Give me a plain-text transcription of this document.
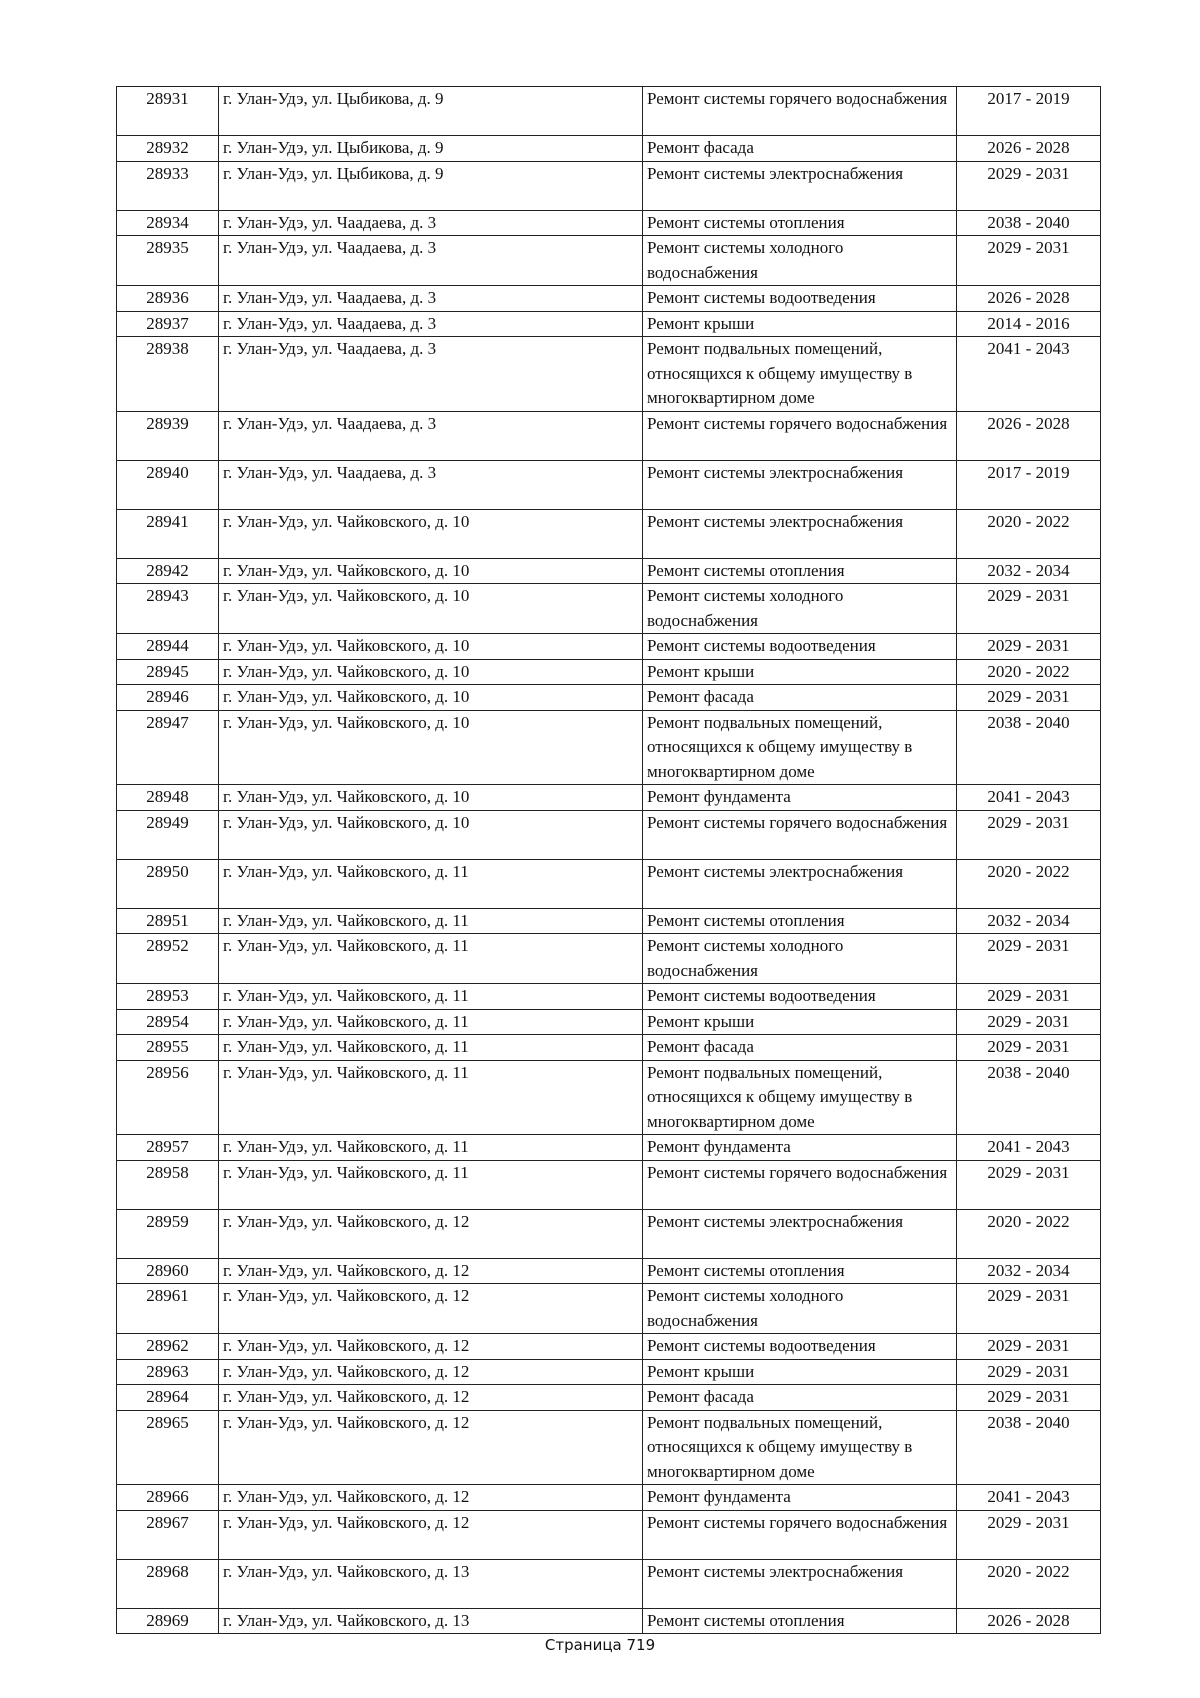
28931	г. Улан-Удэ, ул. Цыбикова, д. 9	Ремонт системы горячего водоснабжения	2017 - 2019
28932	г. Улан-Удэ, ул. Цыбикова, д. 9	Ремонт фасада	2026 - 2028
28933	г. Улан-Удэ, ул. Цыбикова, д. 9	Ремонт системы электроснабжения	2029 - 2031
28934	г. Улан-Удэ, ул. Чаадаева, д. 3	Ремонт системы отопления	2038 - 2040
28935	г. Улан-Удэ, ул. Чаадаева, д. 3	Ремонт системы холодного водоснабжения	2029 - 2031
28936	г. Улан-Удэ, ул. Чаадаева, д. 3	Ремонт системы водоотведения	2026 - 2028
28937	г. Улан-Удэ, ул. Чаадаева, д. 3	Ремонт крыши	2014 - 2016
28938	г. Улан-Удэ, ул. Чаадаева, д. 3	Ремонт подвальных помещений, относящихся к общему имуществу в многоквартирном доме	2041 - 2043
28939	г. Улан-Удэ, ул. Чаадаева, д. 3	Ремонт системы горячего водоснабжения	2026 - 2028
28940	г. Улан-Удэ, ул. Чаадаева, д. 3	Ремонт системы электроснабжения	2017 - 2019
28941	г. Улан-Удэ, ул. Чайковского, д. 10	Ремонт системы электроснабжения	2020 - 2022
28942	г. Улан-Удэ, ул. Чайковского, д. 10	Ремонт системы отопления	2032 - 2034
28943	г. Улан-Удэ, ул. Чайковского, д. 10	Ремонт системы холодного водоснабжения	2029 - 2031
28944	г. Улан-Удэ, ул. Чайковского, д. 10	Ремонт системы водоотведения	2029 - 2031
28945	г. Улан-Удэ, ул. Чайковского, д. 10	Ремонт крыши	2020 - 2022
28946	г. Улан-Удэ, ул. Чайковского, д. 10	Ремонт фасада	2029 - 2031
28947	г. Улан-Удэ, ул. Чайковского, д. 10	Ремонт подвальных помещений, относящихся к общему имуществу в многоквартирном доме	2038 - 2040
28948	г. Улан-Удэ, ул. Чайковского, д. 10	Ремонт фундамента	2041 - 2043
28949	г. Улан-Удэ, ул. Чайковского, д. 10	Ремонт системы горячего водоснабжения	2029 - 2031
28950	г. Улан-Удэ, ул. Чайковского, д. 11	Ремонт системы электроснабжения	2020 - 2022
28951	г. Улан-Удэ, ул. Чайковского, д. 11	Ремонт системы отопления	2032 - 2034
28952	г. Улан-Удэ, ул. Чайковского, д. 11	Ремонт системы холодного водоснабжения	2029 - 2031
28953	г. Улан-Удэ, ул. Чайковского, д. 11	Ремонт системы водоотведения	2029 - 2031
28954	г. Улан-Удэ, ул. Чайковского, д. 11	Ремонт крыши	2029 - 2031
28955	г. Улан-Удэ, ул. Чайковского, д. 11	Ремонт фасада	2029 - 2031
28956	г. Улан-Удэ, ул. Чайковского, д. 11	Ремонт подвальных помещений, относящихся к общему имуществу в многоквартирном доме	2038 - 2040
28957	г. Улан-Удэ, ул. Чайковского, д. 11	Ремонт фундамента	2041 - 2043
28958	г. Улан-Удэ, ул. Чайковского, д. 11	Ремонт системы горячего водоснабжения	2029 - 2031
28959	г. Улан-Удэ, ул. Чайковского, д. 12	Ремонт системы электроснабжения	2020 - 2022
28960	г. Улан-Удэ, ул. Чайковского, д. 12	Ремонт системы отопления	2032 - 2034
28961	г. Улан-Удэ, ул. Чайковского, д. 12	Ремонт системы холодного водоснабжения	2029 - 2031
28962	г. Улан-Удэ, ул. Чайковского, д. 12	Ремонт системы водоотведения	2029 - 2031
28963	г. Улан-Удэ, ул. Чайковского, д. 12	Ремонт крыши	2029 - 2031
28964	г. Улан-Удэ, ул. Чайковского, д. 12	Ремонт фасада	2029 - 2031
28965	г. Улан-Удэ, ул. Чайковского, д. 12	Ремонт подвальных помещений, относящихся к общему имуществу в многоквартирном доме	2038 - 2040
28966	г. Улан-Удэ, ул. Чайковского, д. 12	Ремонт фундамента	2041 - 2043
28967	г. Улан-Удэ, ул. Чайковского, д. 12	Ремонт системы горячего водоснабжения	2029 - 2031
28968	г. Улан-Удэ, ул. Чайковского, д. 13	Ремонт системы электроснабжения	2020 - 2022
28969	г. Улан-Удэ, ул. Чайковского, д. 13	Ремонт системы отопления	2026 - 2028
Страница 719
